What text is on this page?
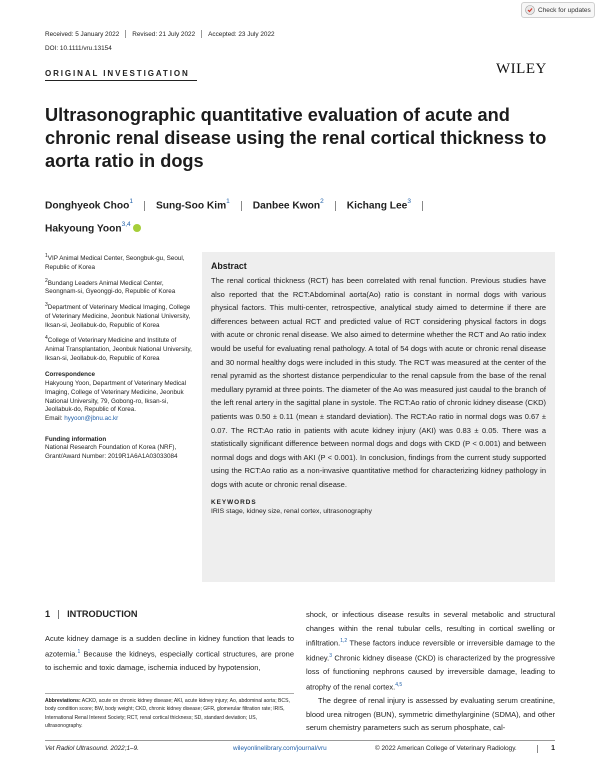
Check for updates
Received: 5 January 2022 Revised: 21 July 2022 Accepted: 23 July 2022
DOI: 10.1111/vru.13154
ORIGINAL INVESTIGATION	WILEY
Ultrasonographic quantitative evaluation of acute and chronic renal disease using the renal cortical thickness to aorta ratio in dogs
Donghyeok Choo$^1$ Sung-Soo Kim$^1$ Danbee Kwon$^2$ Kichang Lee$^3$
Hakyoung Yoon$^{3,4}$
$^1$VIP Animal Medical Center, Seongbuk-gu, Seoul, Republic of Korea
$^2$Bundang Leaders Animal Medical Center, Seongnam-si, Gyeonggi-do, Republic of Korea
$^3$Department of Veterinary Medical Imaging, College of Veterinary Medicine, Jeonbuk National University, Iksan-si, Jeollabuk-do, Republic of Korea
$^4$College of Veterinary Medicine and Institute of Animal Transplantation, Jeonbuk National University, Iksan-si, Jeollabuk-do, Republic of Korea
Correspondence
Hakyoung Yoon, Department of Veterinary Medical Imaging, College of Veterinary Medicine, Jeonbuk National University, 79, Gobong-ro, Iksan-si, Jeollabuk-do, Republic of Korea.
Email: hyyoon@jbnu.ac.kr
Funding information
National Research Foundation of Korea (NRF), Grant/Award Number: 2019R1A6A1A03033084
Abstract

The renal cortical thickness (RCT) has been correlated with renal function. Previous studies have also reported that the RCT:Abdominal aorta(Ao) ratio is constant in normal dogs with various physical factors. This multi-center, retrospective, analytical study aimed to determine if there are differences between actual RCT and predicted value of RCT considering physical factors in dogs with acute or chronic renal disease. We also aimed to determine whether the RCT and Ao ratio index would be useful for evaluating renal pathology. A total of 54 dogs with acute or chronic renal disease and 30 normal healthy dogs were included in this study. The RCT was measured at the center of the renal pyramid as the shortest distance perpendicular to the renal capsule from the base of the renal medullary pyramid at three points. The diameter of the Ao was measured just caudal to the branch of the left renal artery in the sagittal plane in systole. The RCT:Ao ratio of chronic kidney disease (CKD) patients was 0.50 ± 0.11 (mean ± standard deviation). The RCT:Ao ratio in normal dogs was 0.67 ± 0.07. The RCT:Ao ratio in patients with acute kidney injury (AKI) was 0.83 ± 0.05. There was a statistically significant difference between normal dogs and dogs with CKD (P < 0.001) and between normal dogs and dogs with AKI (P < 0.001). In conclusion, findings from the current study supported using the RCT:Ao ratio as a non-invasive quantitative method for characterizing kidney pathology in dogs with acute or chronic renal disease.

KEYWORDS
IRIS stage, kidney size, renal cortex, ultrasonography
1 INTRODUCTION

Acute kidney damage is a sudden decline in kidney function that leads to azotemia.$^1$ Because the kidneys, especially cortical structures, are prone to ischemic and toxic damage, ischemia induced by hypotension,

shock, or infectious disease results in several metabolic and structural changes within the renal tubular cells, resulting in cortical swelling or infiltration.$^{1,2}$ These factors induce reversible or irreversible damage to the kidney.$^3$ Chronic kidney disease (CKD) is characterized by the progressive loss of functioning nephrons caused by irreversible damage, leading to atrophy of the renal cortex.$^{4,5}$

The degree of renal injury is assessed by evaluating serum creatinine, blood urea nitrogen (BUN), symmetric dimethylarginine (SDMA), and other serum chemistry parameters such as serum phosphate, cal-

Abbreviations: ACKD, acute on chronic kidney disease; AKI, acute kidney injury; Ao, abdominal aorta; BCS, body condition score; BW, body weight; CKD, chronic kidney disease; GFR, glomerular filtration rate; IRIS, International Renal Interest Society; RCT, renal cortical thickness; SD, standard deviation; US, ultrasonography.
Vet Radiol Ultrasound. 2022;1–9.	wileyonlinelibrary.com/journal/vru	© 2022 American College of Veterinary Radiology.	1
